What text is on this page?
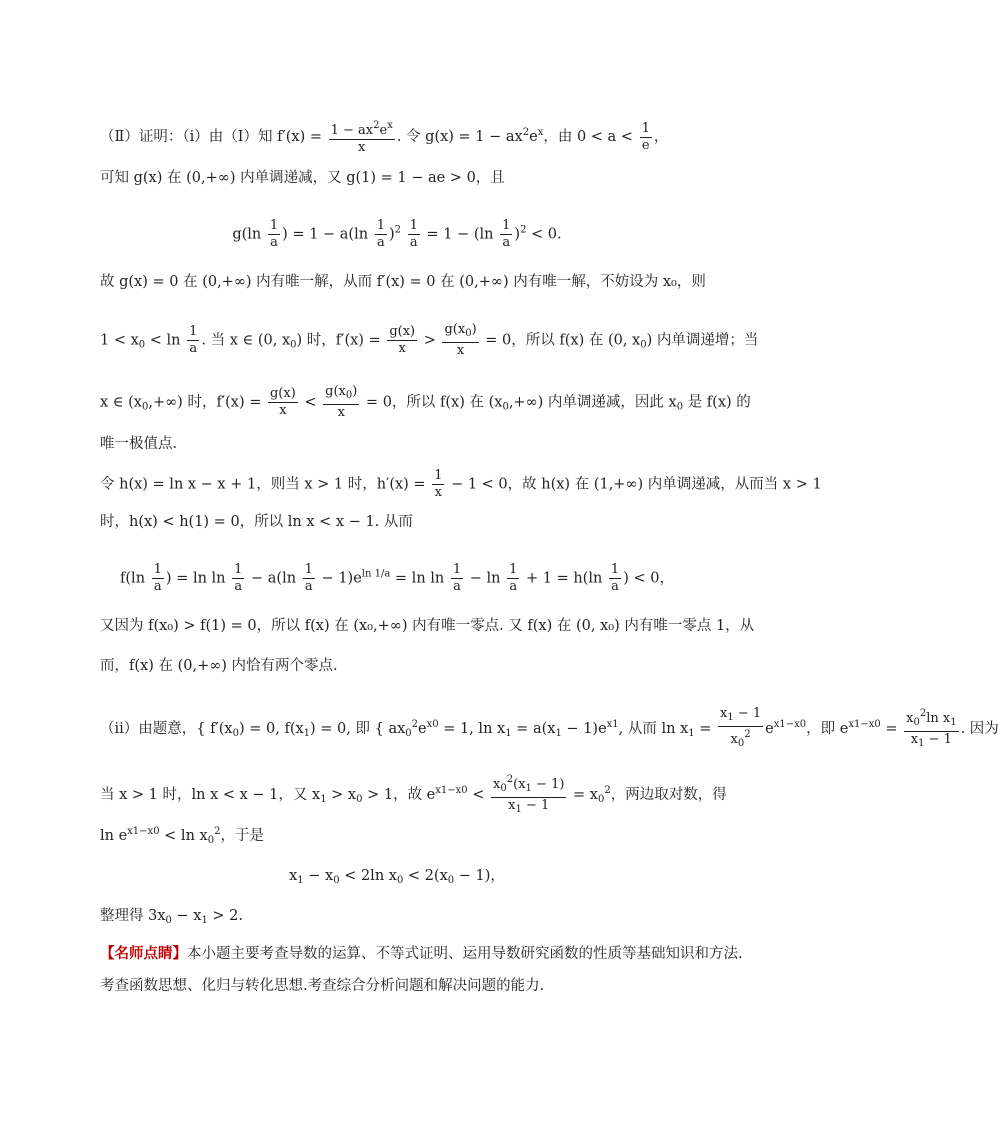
（Ⅱ）证明：（i）由（Ⅰ）知 $f'(x) = \frac{1 - ax^2e^x}{x}$ . 令 $g(x) = 1 - ax^2e^x$，由 $0 < a < \frac{1}{e}$ ，
可知 g(x) 在 (0,+∞) 内单调递减，又 g(1) = 1 − ae > 0，且
$g(\ln \frac{1}{a}$ ) = $1 - a(\ln \frac{1}{a} )^2 \frac{1}{a} = 1 - (\ln \frac{1}{a} )^2 < 0$.
故 g(x) = 0 在 (0,+∞) 内有唯一解，从而 f′(x) = 0 在 (0,+∞) 内有唯一解，不妨设为 x₀，则
$1 < x_0 < \ln \frac{1}{a}$ . 当 x ∈ (0, $x_0$) 时，$f'(x) = \frac{g(x)}{x} > \frac{g(x_0)}{x} = 0$，所以 f(x) 在 (0, $x_0$) 内单调递增；当
x ∈ $(x_0,+\infty)$ 时，$f'(x) = \frac{g(x)}{x} < \frac{g(x_0)}{x} = 0$，所以 f(x) 在 $(x_0,+\infty)$ 内单调递减，因此 $x_0$ 是 f(x) 的
唯一极值点.
令 h(x) = ln x − x + 1，则当 x > 1 时，$h'(x) = \frac{1}{x} - 1 < 0$，故 h(x) 在 (1,+∞) 内单调递减，从而当 x > 1
时，h(x) < h(1) = 0，所以 ln x < x − 1. 从而
$f(\ln \frac{1}{a}$ ) = $\ln \ln \frac{1}{a} - a(\ln \frac{1}{a} - 1)e^{ln 1/a} = \ln \ln \frac{1}{a} - \ln \frac{1}{a} + 1 = h(\ln \frac{1}{a}$ ) < 0，
又因为 f(x₀) > f(1) = 0，所以 f(x) 在 (x₀,+∞) 内有唯一零点. 又 f(x) 在 (0, x₀) 内有唯一零点 1，从
而，f(x) 在 (0,+∞) 内恰有两个零点.
（ii）由题意，{ $f'(x_0) = 0$, $f(x_1) = 0$, 即 { $ax_0^2e^{x0} = 1$, $\ln x_1 = a(x_1 - 1)e^{x1}$, 从而 $\ln x_1 = \frac{x_1 - 1}{x_0^2} e^{x1-x0}$，即 $e^{x1-x0} = \frac{x_0^2\ln x_1}{x_1 - 1}$ . 因为
当 x > 1 时，ln x < x − 1，又 $x_1 > x_0 > 1$，故 $e^{x1-x0} < \frac{x_0^2(x_1 - 1)}{x_1 - 1} = x_0^2$，两边取对数，得
$\ln e^{x1-x0} < \ln x_0^2$，于是
$x_1 - x_0 < 2\ln$ $x_0 < 2(x_0 - 1)$，
整理得 $3x_0 - x_1 > 2$.
【名师点睛】本小题主要考查导数的运算、不等式证明、运用导数研究函数的性质等基础知识和方法.
考查函数思想、化归与转化思想.考查综合分析问题和解决问题的能力.
